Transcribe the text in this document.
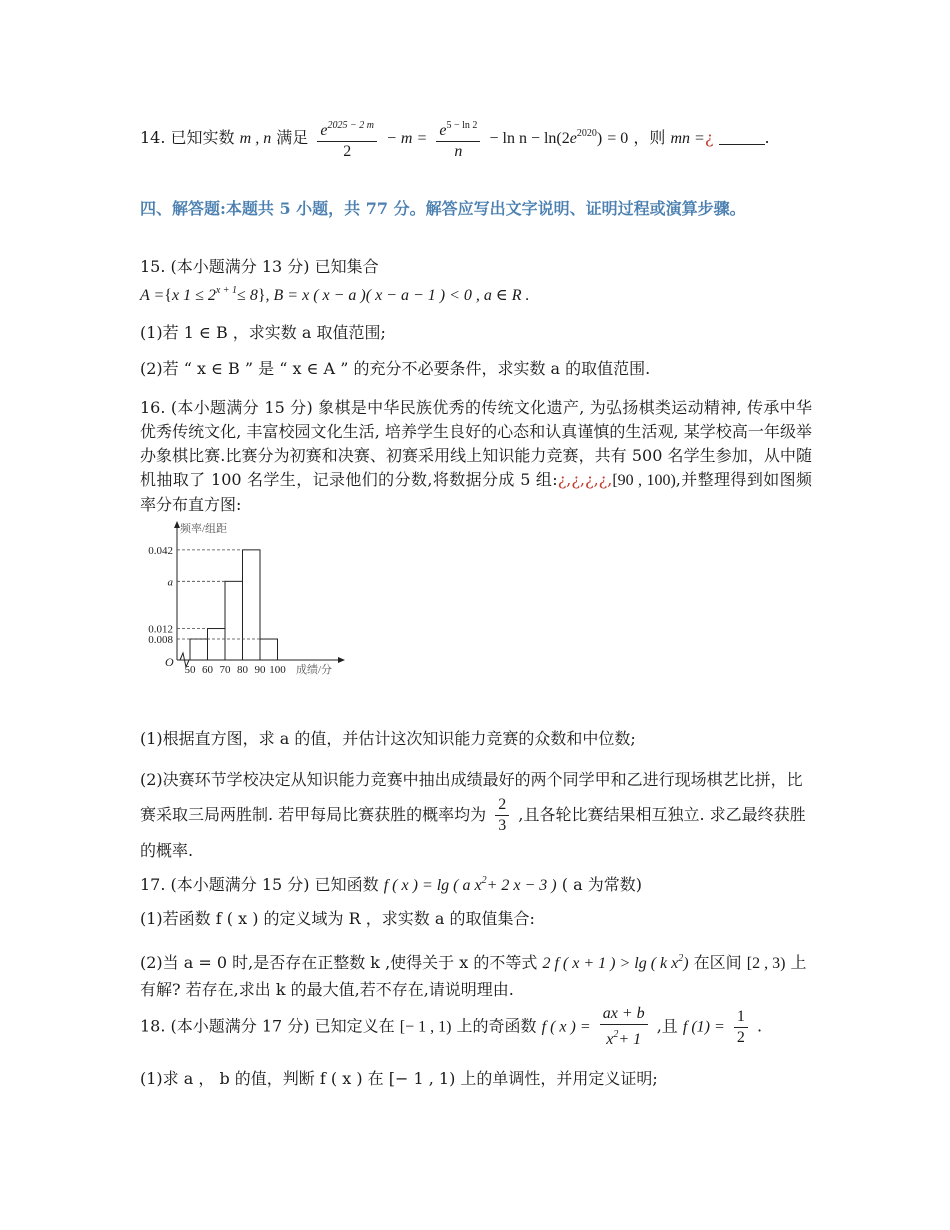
14. 已知实数 m , n 满足 $\frac{e^{2025 - 2 m}}{2} - m = \frac{e^{5 - ln 2}}{n} - \ln n - \ln(2e^{2020}) = 0$ ，则 mn =¿	.
四、解答题:本题共 5 小题，共 77 分。解答应写出文字说明、证明过程或演算步骤。
15. (本小题满分 13 分) 已知集合
A ={x $1 \le 2^{x + 1}\le 8$}, B = x ( x − a )( x − a − 1 ) < 0 , a ∈ R .
(1)若 1 ∈ B ，求实数 a 取值范围;
(2)若 “ x ∈ B ” 是 “ x ∈ A ” 的充分不必要条件，求实数 a 的取值范围.
16. (本小题满分 15 分) 象棋是中华民族优秀的传统文化遗产, 为弘扬棋类运动精神, 传承中华优秀传统文化, 丰富校园文化生活, 培养学生良好的心态和认真谨慎的生活观, 某学校高一年级举办象棋比赛.比赛分为初赛和决赛、初赛采用线上知识能力竞赛，共有 500 名学生参加，从中随机抽取了 100 名学生，记录他们的分数,将数据分成 5 组:¿,¿,¿,¿,[90 , 100),并整理得到如图频率分布直方图:
0.042
a
0.012
0.008
50 60 70 80 90 100
O
频率/组距
成绩/分
(1)根据直方图，求 a 的值，并估计这次知识能力竞赛的众数和中位数;
(2)决赛环节学校决定从知识能力竞赛中抽出成绩最好的两个同学甲和乙进行现场棋艺比拼，比赛采取三局两胜制. 若甲每局比赛获胜的概率均为 $\frac{2}{3}$ ,且各轮比赛结果相互独立. 求乙最终获胜的概率.
17. (本小题满分 15 分) 已知函数 f ( x ) = lg ( a $x^2+ 2$ x − 3 ) ( a 为常数)
(1)若函数 f ( x ) 的定义域为 R ，求实数 a 的取值集合:
(2)当 a = 0 时,是否存在正整数 k ,使得关于 x 的不等式 2 f ( x + 1 ) > lg ( k $x^2$) 在区间 [2 , 3) 上有解? 若存在,求出 k 的最大值,若不存在,请说明理由.
18. (本小题满分 17 分) 已知定义在 [− 1 , 1) 上的奇函数 f ( x ) = $\frac{ax + b}{x^2+ 1}$ ,且 f $(1) = \frac{1}{2}$ .
(1)求 a ， b 的值，判断 f ( x ) 在 [− 1 , 1) 上的单调性，并用定义证明;
